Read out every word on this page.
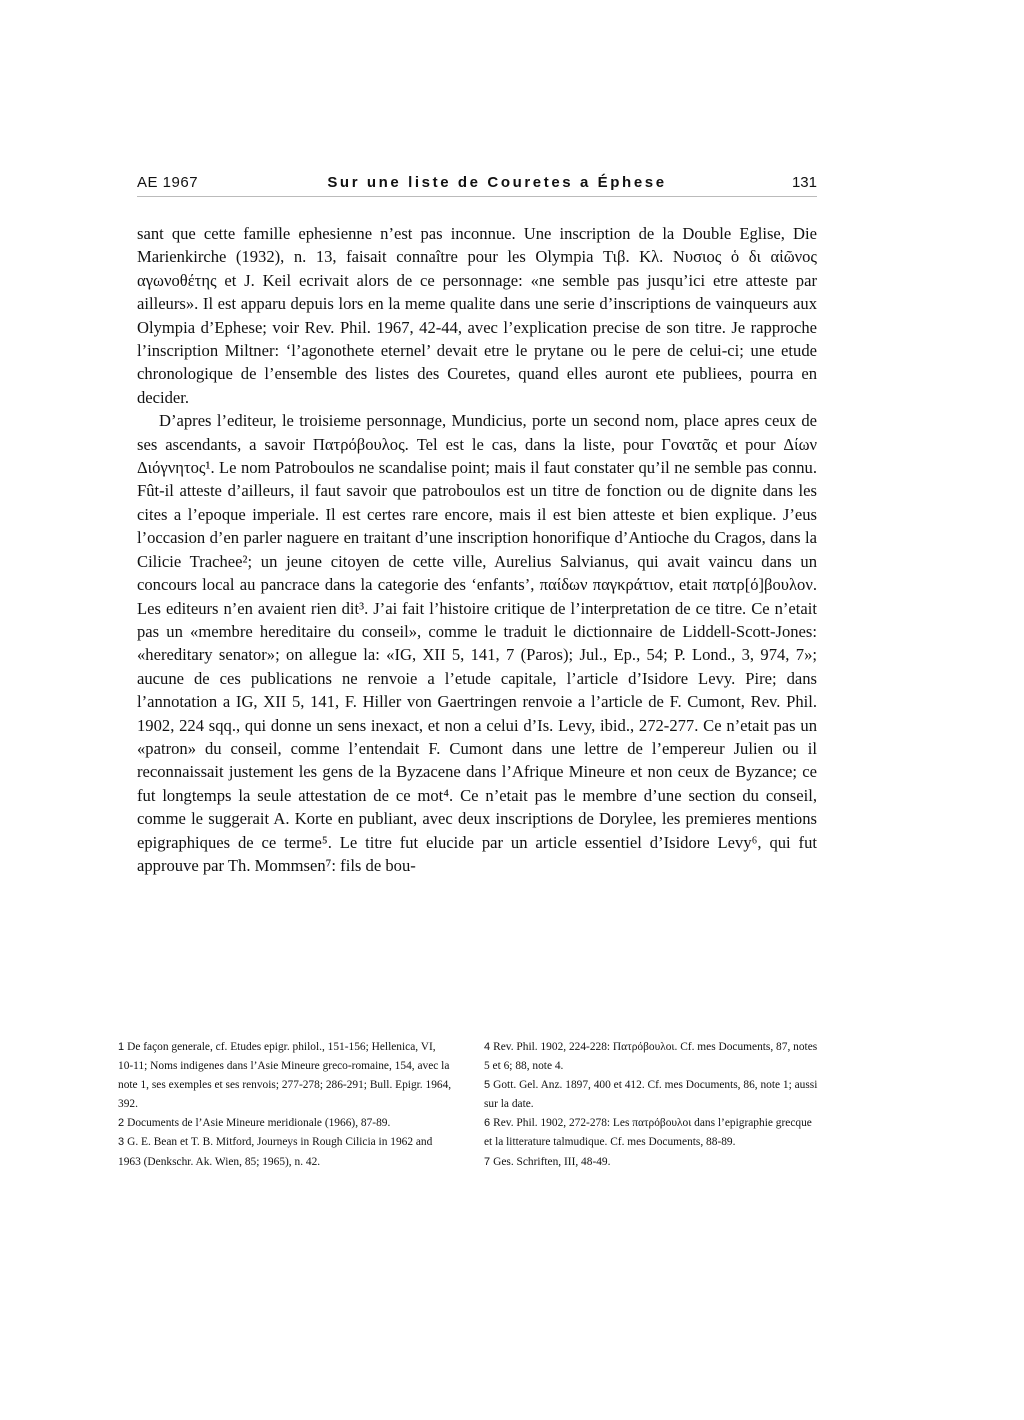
AE 1967	Sur une liste de Couretes a Éphese	131

sant que cette famille ephesienne n’est pas inconnue. Une inscription de la Double Eglise, Die Marienkirche (1932), n. 13, faisait connaître pour les Olympia Τιβ. Κλ. Νυσιος ὁ δι αἰῶνος αγωνοθέτης et J. Keil ecrivait alors de ce personnage: «ne semble pas jusqu’ici etre atteste par ailleurs». Il est apparu depuis lors en la meme qualite dans une serie d’inscriptions de vainqueurs aux Olympia d’Ephese; voir Rev. Phil. 1967, 42-44, avec l’explication precise de son titre. Je rapproche l’inscription Miltner: ‘l’agonothete eternel’ devait etre le prytane ou le pere de celui-ci; une etude chronologique de l’ensemble des listes des Couretes, quand elles auront ete publiees, pourra en decider.

D’apres l’editeur, le troisieme personnage, Mundicius, porte un second nom, place apres ceux de ses ascendants, a savoir Πατρόβουλος. Tel est le cas, dans la liste, pour Γονατᾶς et pour Δίων Διόγνητος¹. Le nom Patroboulos ne scandalise point; mais il faut constater qu’il ne semble pas connu. Fût-il atteste d’ailleurs, il faut savoir que patroboulos est un titre de fonction ou de dignite dans les cites a l’epoque imperiale. Il est certes rare encore, mais il est bien atteste et bien explique. J’eus l’occasion d’en parler naguere en traitant d’une inscription honorifique d’Antioche du Cragos, dans la Cilicie Trachee²; un jeune citoyen de cette ville, Aurelius Salvianus, qui avait vaincu dans un concours local au pancrace dans la categorie des ‘enfants’, παίδων παγκράτιον, etait πατρ[ό]βουλον. Les editeurs n’en avaient rien dit³. J’ai fait l’histoire critique de l’interpretation de ce titre. Ce n’etait pas un «membre hereditaire du conseil», comme le traduit le dictionnaire de Liddell-Scott-Jones: «hereditary senator»; on allegue la: «IG, XII 5, 141, 7 (Paros); Jul., Ep., 54; P. Lond., 3, 974, 7»; aucune de ces publications ne renvoie a l’etude capitale, l’article d’Isidore Levy. Pire; dans l’annotation a IG, XII 5, 141, F. Hiller von Gaertringen renvoie a l’article de F. Cumont, Rev. Phil. 1902, 224 sqq., qui donne un sens inexact, et non a celui d’Is. Levy, ibid., 272-277. Ce n’etait pas un «patron» du conseil, comme l’entendait F. Cumont dans une lettre de l’empereur Julien ou il reconnaissait justement les gens de la Byzacene dans l’Afrique Mineure et non ceux de Byzance; ce fut longtemps la seule attestation de ce mot⁴. Ce n’etait pas le membre d’une section du conseil, comme le suggerait A. Korte en publiant, avec deux inscriptions de Dorylee, les premieres mentions epigraphiques de ce terme⁵. Le titre fut elucide par un article essentiel d’Isidore Levy⁶, qui fut approuve par Th. Mommsen⁷: fils de bou-

1 De façon generale, cf. Etudes epigr. philol., 151-156; Hellenica, VI, 10-11; Noms indigenes dans l’Asie Mineure greco-romaine, 154, avec la note 1, ses exemples et ses renvois; 277-278; 286-291; Bull. Epigr. 1964, 392.

2 Documents de l’Asie Mineure meridionale (1966), 87-89.

3 G. E. Bean et T. B. Mitford, Journeys in Rough Cilicia in 1962 and 1963 (Denkschr. Ak. Wien, 85; 1965), n. 42.

4 Rev. Phil. 1902, 224-228: Πατρόβουλοι. Cf. mes Documents, 87, notes 5 et 6; 88, note 4.

5 Gott. Gel. Anz. 1897, 400 et 412. Cf. mes Documents, 86, note 1; aussi sur la date.

6 Rev. Phil. 1902, 272-278: Les πατρόβουλοι dans l’epigraphie grecque et la litterature talmudique. Cf. mes Documents, 88-89.

7 Ges. Schriften, III, 48-49.
